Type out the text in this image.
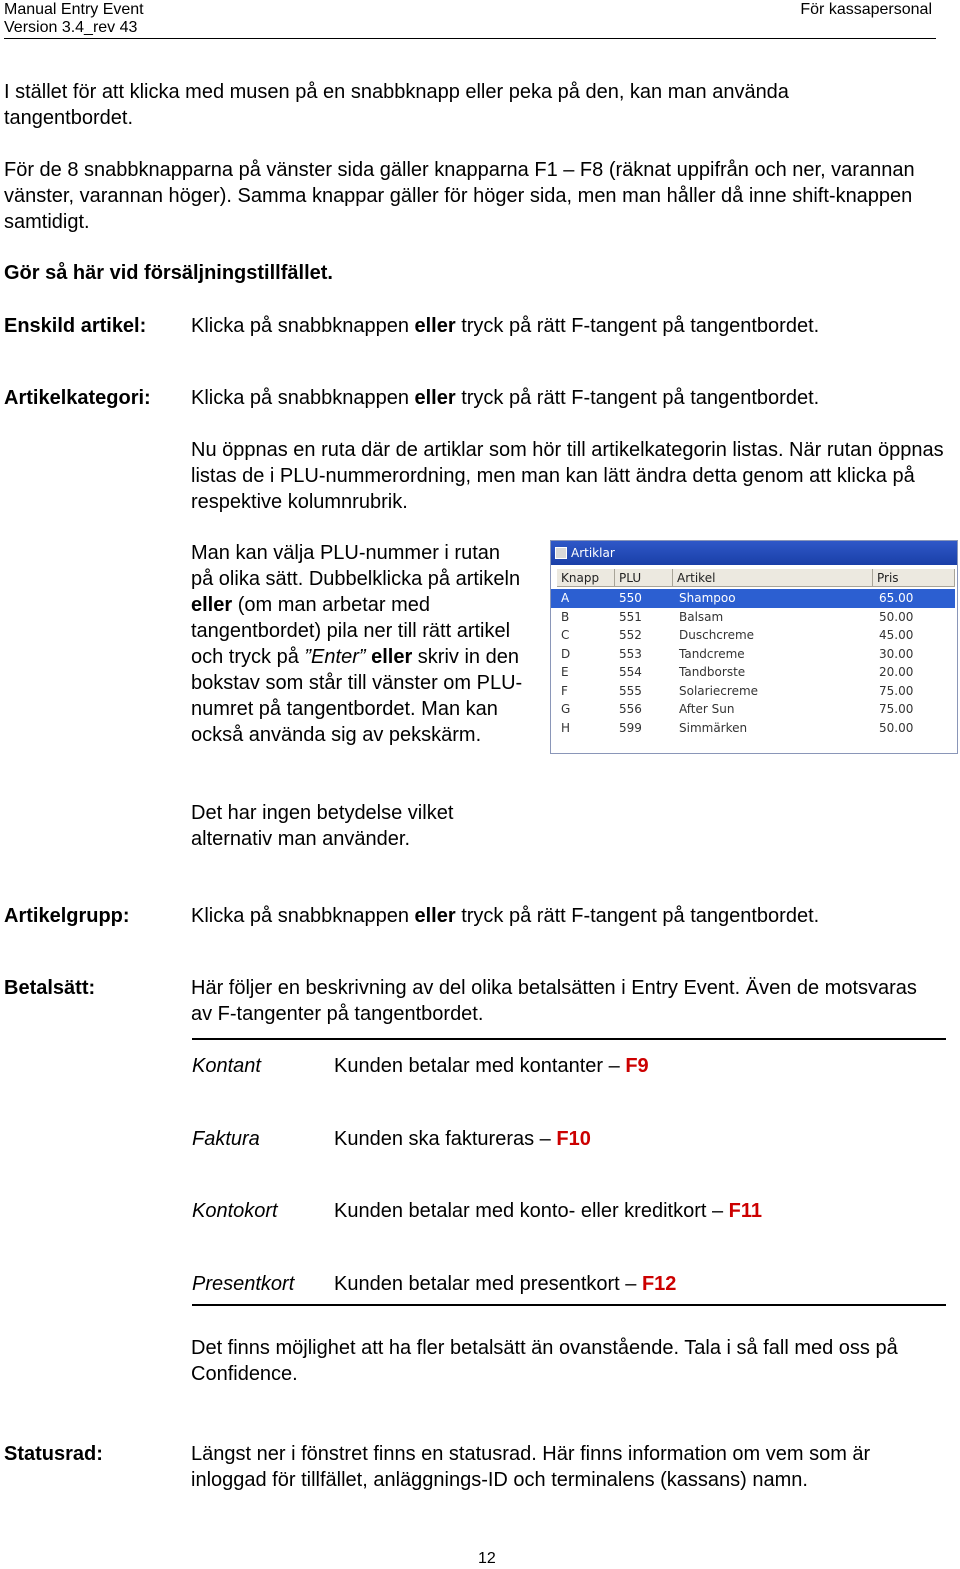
Manual Entry Event
Version 3.4_rev 43
För kassapersonal
I stället för att klicka med musen på en snabbknapp eller peka på den, kan man använda tangentbordet.
För de 8 snabbknapparna på vänster sida gäller knapparna F1 – F8 (räknat uppifrån och ner, varannan vänster, varannan höger). Samma knappar gäller för höger sida, men man håller då inne shift-knappen samtidigt.
Gör så här vid försäljningstillfället.
Enskild artikel: Klicka på snabbknappen eller tryck på rätt F-tangent på tangentbordet.
Artikelkategori: Klicka på snabbknappen eller tryck på rätt F-tangent på tangentbordet.
Nu öppnas en ruta där de artiklar som hör till artikelkategorin listas. När rutan öppnas listas de i PLU-nummerordning, men man kan lätt ändra detta genom att klicka på respektive kolumnrubrik.
Man kan välja PLU-nummer i rutan på olika sätt. Dubbelklicka på artikeln eller (om man arbetar med tangentbordet) pila ner till rätt artikel och tryck på ”Enter” eller skriv in den bokstav som står till vänster om PLU-numret på tangentbordet. Man kan också använda sig av pekskärm.
Det har ingen betydelse vilket alternativ man använder.
Artiklar
Knapp	PLU	Artikel	Pris
A	550	Shampoo	65.00
B	551	Balsam	50.00
C	552	Duschcreme	45.00
D	553	Tandcreme	30.00
E	554	Tandborste	20.00
F	555	Solariecreme	75.00
G	556	After Sun	75.00
H	599	Simmärken	50.00
Artikelgrupp:	Klicka på snabbknappen eller tryck på rätt F-tangent på tangentbordet.
Betalsätt:	Här följer en beskrivning av del olika betalsätten i Entry Event. Även de motsvaras av F-tangenter på tangentbordet.
Kontant	Kunden betalar med kontanter – F9
Faktura	Kunden ska faktureras – F10
Kontokort	Kunden betalar med konto- eller kreditkort – F11
Presentkort Kunden betalar med presentkort – F12
Det finns möjlighet att ha fler betalsätt än ovanstående. Tala i så fall med oss på Confidence.
Statusrad:	Längst ner i fönstret finns en statusrad. Här finns information om vem som är inloggad för tillfället, anläggnings-ID och terminalens (kassans) namn.
12
